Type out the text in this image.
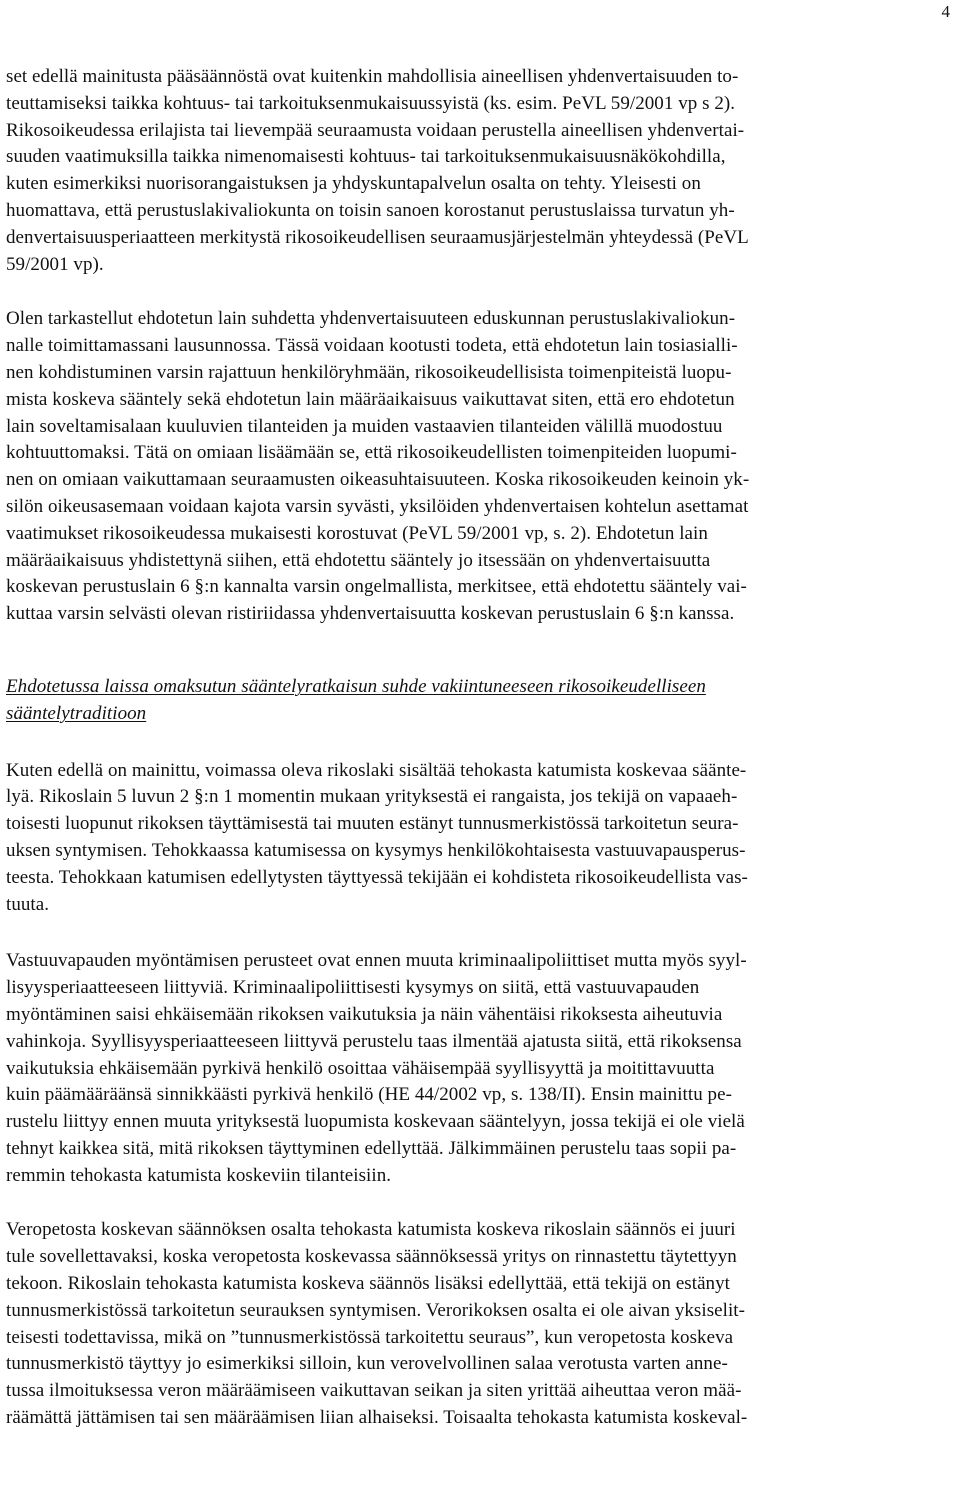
4
set edellä mainitusta pääsäännöstä ovat kuitenkin mahdollisia aineellisen yhdenvertaisuuden to-
teuttamiseksi taikka kohtuus- tai tarkoituksenmukaisuussyistä (ks. esim. PeVL 59/2001 vp s 2).
Rikosoikeudessa erilajista tai lievempää seuraamusta voidaan perustella aineellisen yhdenvertai-
suuden vaatimuksilla taikka nimenomaisesti kohtuus- tai tarkoituksenmukaisuusnäkökohdilla,
kuten esimerkiksi nuorisorangaistuksen ja yhdyskuntapalvelun osalta on tehty. Yleisesti on
huomattava, että perustuslakivaliokunta on toisin sanoen korostanut perustuslaissa turvatun yh-
denvertaisuusperiaatteen merkitystä rikosoikeudellisen seuraamusjärjestelmän yhteydessä (PeVL
59/2001 vp).
Olen tarkastellut ehdotetun lain suhdetta yhdenvertaisuuteen eduskunnan perustuslakivaliokun-
nalle toimittamassani lausunnossa. Tässä voidaan kootusti todeta, että ehdotetun lain tosiasialli-
nen kohdistuminen varsin rajattuun henkilöryhmään, rikosoikeudellisista toimenpiteistä luopu-
mista koskeva sääntely sekä ehdotetun lain määräaikaisuus vaikuttavat siten, että ero ehdotetun
lain soveltamisalaan kuuluvien tilanteiden ja muiden vastaavien tilanteiden välillä muodostuu
kohtuuttomaksi. Tätä on omiaan lisäämään se, että rikosoikeudellisten toimenpiteiden luopumi-
nen on omiaan vaikuttamaan seuraamusten oikeasuhtaisuuteen. Koska rikosoikeuden keinoin yk-
silön oikeusasemaan voidaan kajota varsin syvästi, yksilöiden yhdenvertaisen kohtelun asettamat
vaatimukset rikosoikeudessa mukaisesti korostuvat (PeVL 59/2001 vp, s. 2). Ehdotetun lain
määräaikaisuus yhdistettynä siihen, että ehdotettu sääntely jo itsessään on yhdenvertaisuutta
koskevan perustuslain 6 §:n kannalta varsin ongelmallista, merkitsee, että ehdotettu sääntely vai-
kuttaa varsin selvästi olevan ristiriidassa yhdenvertaisuutta koskevan perustuslain 6 §:n kanssa.
Ehdotetussa laissa omaksutun sääntelyratkaisun suhde vakiintuneeseen rikosoikeudelliseen
sääntelytraditioon
Kuten edellä on mainittu, voimassa oleva rikoslaki sisältää tehokasta katumista koskevaa säänte-
lyä. Rikoslain 5 luvun 2 §:n 1 momentin mukaan yrityksestä ei rangaista, jos tekijä on vapaaeh-
toisesti luopunut rikoksen täyttämisestä tai muuten estänyt tunnusmerkistössä tarkoitetun seura-
uksen syntymisen. Tehokkaassa katumisessa on kysymys henkilökohtaisesta vastuuvapausperus-
teesta. Tehokkaan katumisen edellytysten täyttyessä tekijään ei kohdisteta rikosoikeudellista vas-
tuuta.
Vastuuvapauden myöntämisen perusteet ovat ennen muuta kriminaalipoliittiset mutta myös syyl-
lisyysperiaatteeseen liittyviä. Kriminaalipoliittisesti kysymys on siitä, että vastuuvapauden
myöntäminen saisi ehkäisemään rikoksen vaikutuksia ja näin vähentäisi rikoksesta aiheutuvia
vahinkoja. Syyllisyysperiaatteeseen liittyvä perustelu taas ilmentää ajatusta siitä, että rikoksensa
vaikutuksia ehkäisemään pyrkivä henkilö osoittaa vähäisempää syyllisyyttä ja moitittavuutta
kuin päämääräänsä sinnikkäästi pyrkivä henkilö (HE 44/2002 vp, s. 138/II). Ensin mainittu pe-
rustelu liittyy ennen muuta yrityksestä luopumista koskevaan sääntelyyn, jossa tekijä ei ole vielä
tehnyt kaikkea sitä, mitä rikoksen täyttyminen edellyttää. Jälkimmäinen perustelu taas sopii pa-
remmin tehokasta katumista koskeviin tilanteisiin.
Veropetosta koskevan säännöksen osalta tehokasta katumista koskeva rikoslain säännös ei juuri
tule sovellettavaksi, koska veropetosta koskevassa säännöksessä yritys on rinnastettu täytettyyn
tekoon. Rikoslain tehokasta katumista koskeva säännös lisäksi edellyttää, että tekijä on estänyt
tunnusmerkistössä tarkoitetun seurauksen syntymisen. Verorikoksen osalta ei ole aivan yksiselit-
teisesti todettavissa, mikä on ”tunnusmerkistössä tarkoitettu seuraus”, kun veropetosta koskeva
tunnusmerkistö täyttyy jo esimerkiksi silloin, kun verovelvollinen salaa verotusta varten anne-
tussa ilmoituksessa veron määräämiseen vaikuttavan seikan ja siten yrittää aiheuttaa veron mää-
räämättä jättämisen tai sen määräämisen liian alhaiseksi. Toisaalta tehokasta katumista koskeval-
